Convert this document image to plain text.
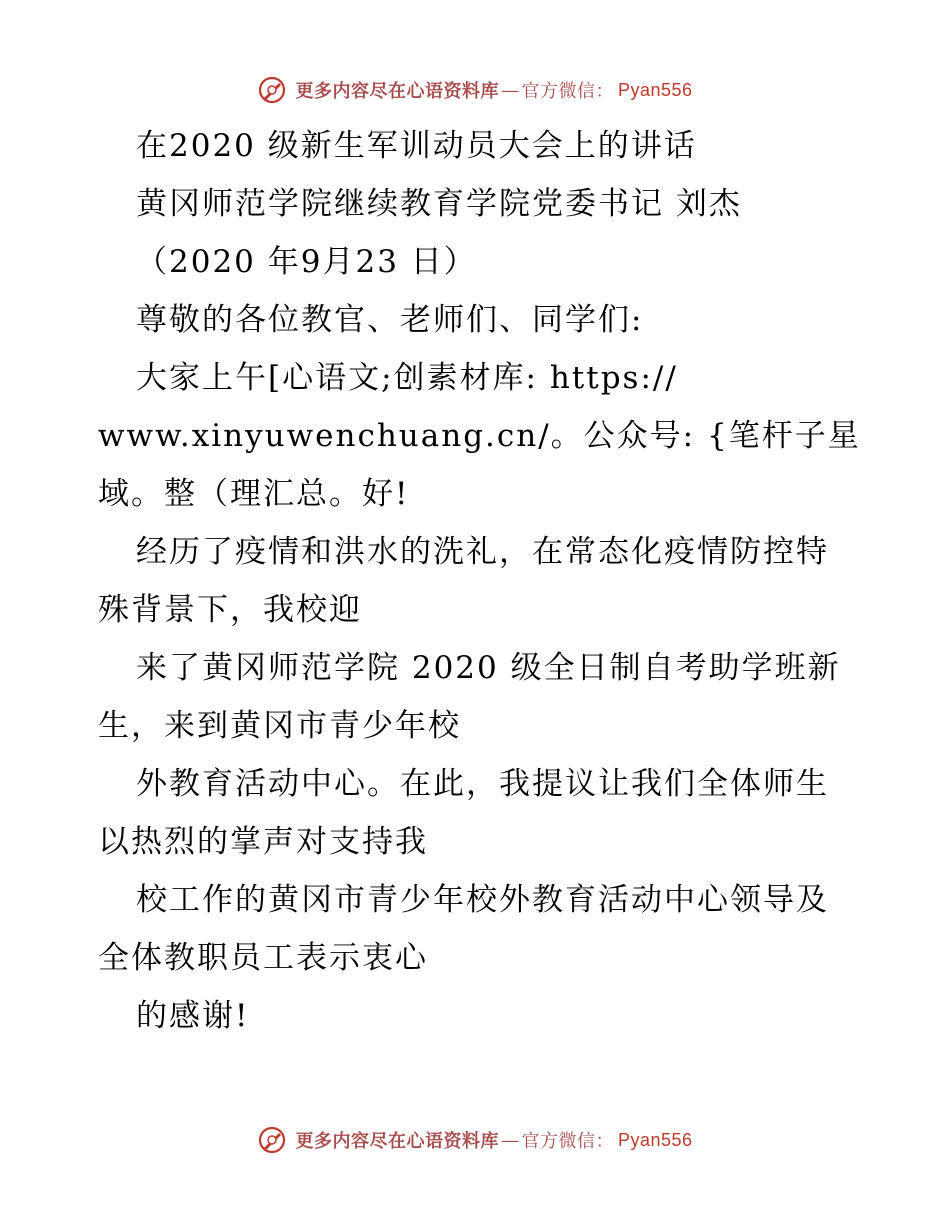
更多内容尽在心语资料库 — 官方微信： Pyan556
在2020 级新生军训动员大会上的讲话
黄冈师范学院继续教育学院党委书记 刘杰
（2020 年9月23 日）
尊敬的各位教官、老师们、同学们:
大家上午[心语文;创素材库: https://
www.xinyuwenchuang.cn/。公众号: {笔杆子星
域。整（理汇总。好!
经历了疫情和洪水的洗礼，在常态化疫情防控特
殊背景下，我校迎
来了黄冈师范学院 2020 级全日制自考助学班新
生，来到黄冈市青少年校
外教育活动中心。在此，我提议让我们全体师生
以热烈的掌声对支持我
校工作的黄冈市青少年校外教育活动中心领导及
全体教职员工表示衷心
的感谢!
更多内容尽在心语资料库 — 官方微信： Pyan556
